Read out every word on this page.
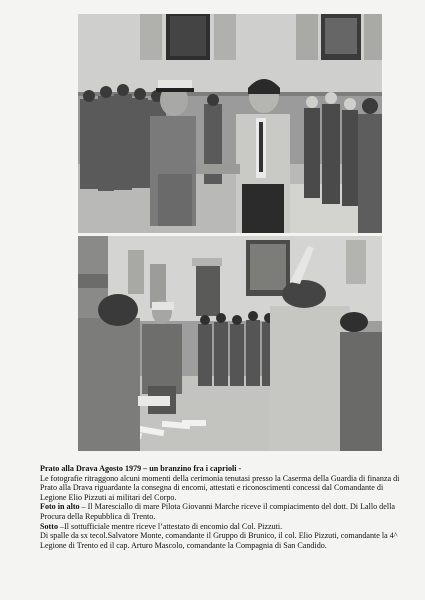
Prato alla Drava Agosto 1979 – un branzino fra i caprioli -

Le fotografie ritraggono alcuni momenti della cerimonia tenutasi presso la Caserma della Guardia di finanza di Prato alla Drava riguardante la consegna di encomi, attestati e riconoscimenti concessi dal Comandante di Legione Elio Pizzuti ai militari del Corpo.

Foto in alto – Il Maresciallo di mare Pilota Giovanni Marche riceve il compiacimento del dott. Di Lallo della Procura della Repubblica di Trento.

Sotto –Il sottufficiale mentre riceve l’attestato di encomio dal Col. Pizzuti.

Di spalle da sx tecol.Salvatore Monte, comandante il Gruppo di Brunico, il col. Elio Pizzuti, comandante la 4^ Legione di Trento ed il cap. Arturo Mascolo, comandante la Compagnia di San Candido.
